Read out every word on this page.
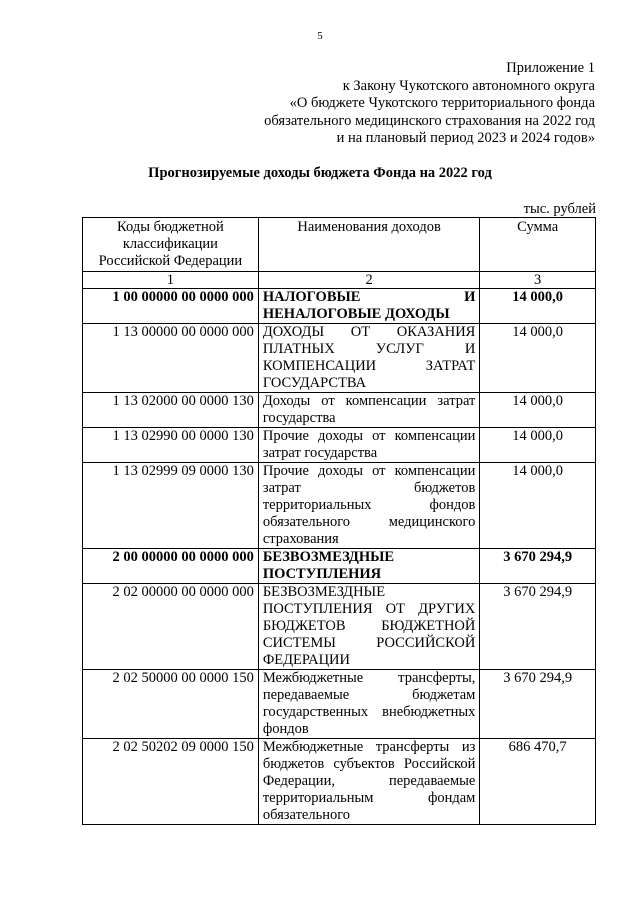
5
Приложение 1
к Закону Чукотского автономного округа
«О бюджете Чукотского территориального фонда
обязательного медицинского страхования на 2022 год
и на плановый период 2023 и 2024 годов»
Прогнозируемые доходы бюджета Фонда на 2022 год
тыс. рублей
Коды бюджетной классификации Российской Федерации	Наименования доходов	Сумма
1	2	3
1 00 00000 00 0000 000	НАЛОГОВЫЕ И НЕНАЛОГОВЫЕ ДОХОДЫ	14 000,0
1 13 00000 00 0000 000	ДОХОДЫ ОТ ОКАЗАНИЯ ПЛАТНЫХ УСЛУГ И КОМПЕНСАЦИИ ЗАТРАТ ГОСУДАРСТВА	14 000,0
1 13 02000 00 0000 130	Доходы от компенсации затрат государства	14 000,0
1 13 02990 00 0000 130	Прочие доходы от компенсации затрат государства	14 000,0
1 13 02999 09 0000 130	Прочие доходы от компенсации затрат бюджетов территориальных фондов обязательного медицинского страхования	14 000,0
2 00 00000 00 0000 000	БЕЗВОЗМЕЗДНЫЕ ПОСТУПЛЕНИЯ	3 670 294,9
2 02 00000 00 0000 000	БЕЗВОЗМЕЗДНЫЕ ПОСТУПЛЕНИЯ ОТ ДРУГИХ БЮДЖЕТОВ БЮДЖЕТНОЙ СИСТЕМЫ РОССИЙСКОЙ ФЕДЕРАЦИИ	3 670 294,9
2 02 50000 00 0000 150	Межбюджетные трансферты, передаваемые бюджетам государственных внебюджетных фондов	3 670 294,9
2 02 50202 09 0000 150	Межбюджетные трансферты из бюджетов субъектов Российской Федерации, передаваемые территориальным фондам обязательного	686 470,7
